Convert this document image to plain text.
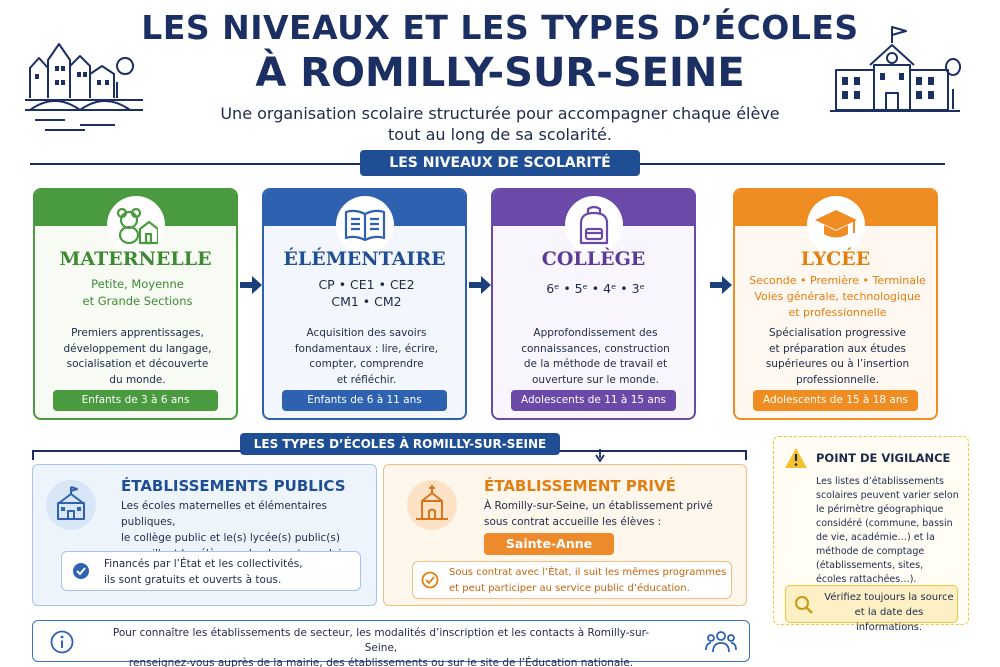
LES NIVEAUX ET LES TYPES D’ÉCOLES
À ROMILLY-SUR-SEINE
Une organisation scolaire structurée pour accompagner chaque élève
tout au long de sa scolarité.
LES NIVEAUX DE SCOLARITÉ
MATERNELLE
Petite, Moyenne
et Grande Sections
Premiers apprentissages,
développement du langage,
socialisation et découverte
du monde.
Enfants de 3 à 6 ans
ÉLÉMENTAIRE
CP • CE1 • CE2
CM1 • CM2
Acquisition des savoirs
fondamentaux : lire, écrire,
compter, comprendre
et réfléchir.
Enfants de 6 à 11 ans
COLLÈGE
6ᵉ • 5ᵉ • 4ᵉ • 3ᵉ
Approfondissement des
connaissances, construction
de la méthode de travail et
ouverture sur le monde.
Adolescents de 11 à 15 ans
LYCÉE
Seconde • Première • Terminale
Voies générale, technologique
et professionnelle
Spécialisation progressive
et préparation aux études
supérieures ou à l’insertion
professionnelle.
Adolescents de 15 à 18 ans
LES TYPES D’ÉCOLES À ROMILLY-SUR-SEINE
ÉTABLISSEMENTS PUBLICS
Les écoles maternelles et élémentaires publiques,
le collège public et le(s) lycée(s) public(s)
Financés par l’État et les collectivités,
ils sont gratuits et ouverts à tous.
ÉTABLISSEMENT PRIVÉ
À Romilly-sur-Seine, un établissement privé
sous contrat accueille les élèves :
Sainte-Anne
Sous contrat avec l’État, il suit les mêmes programmes
et peut participer au service public d’éducation.
POINT DE VIGILANCE
Les listes d’établissements
scolaires peuvent varier selon
le périmètre géographique
considéré (commune, bassin
de vie, académie…) et la
méthode de comptage
(établissements, sites,
écoles rattachées…).
Vérifiez toujours la source
et la date des informations.
Pour connaître les établissements de secteur, les modalités d’inscription et les contacts à Romilly-sur-Seine,
renseignez-vous auprès de la mairie, des établissements ou sur le site de l’Éducation nationale.
